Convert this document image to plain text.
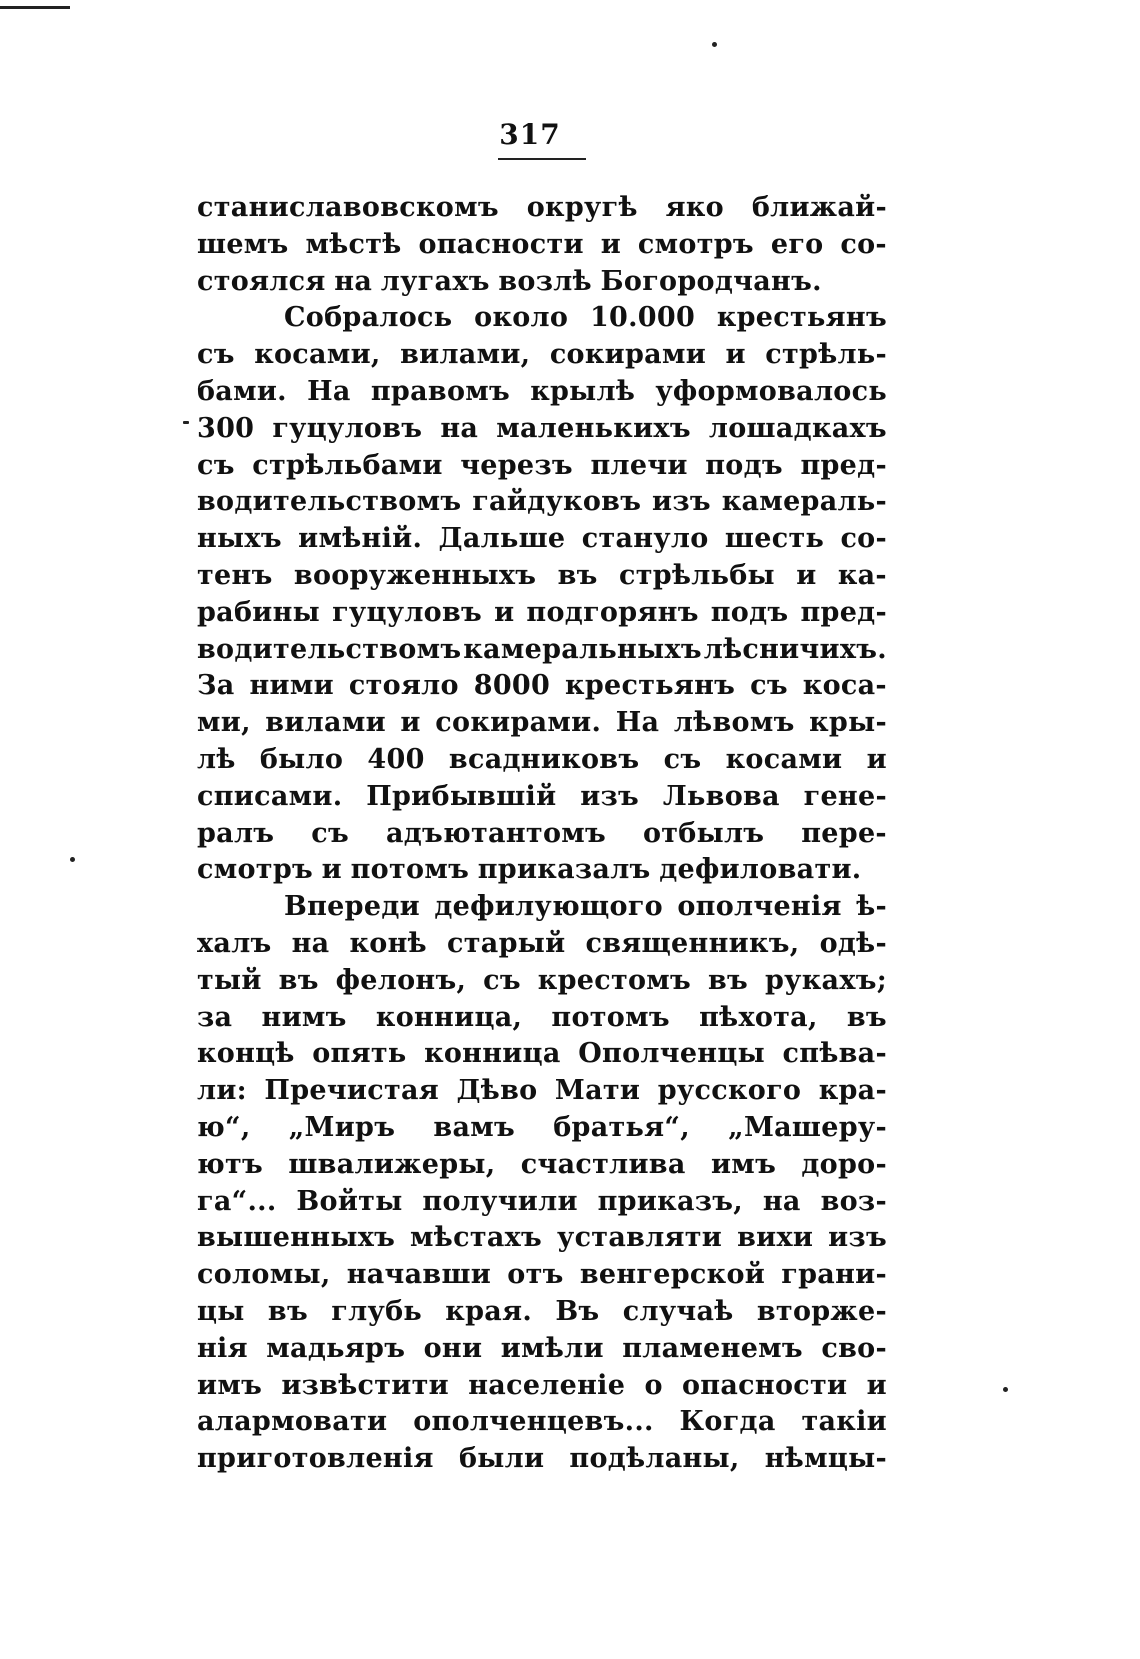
317
станиславовскомъ округѣ яко ближай-
шемъ мѣстѣ опасности и смотръ его со-
стоялся на лугахъ возлѣ Богородчанъ.
Собралось около 10.000 крестьянъ
съ косами, вилами, сокирами и стрѣль-
бами. На правомъ крылѣ уформовалось
300 гуцуловъ на маленькихъ лошадкахъ
съ стрѣльбами черезъ плечи подъ пред-
водительствомъ гайдуковъ изъ камераль-
ныхъ имѣній. Дальше стануло шесть со-
тенъ вооруженныхъ въ стрѣльбы и ка-
рабины гуцуловъ и подгорянъ подъ пред-
водительствомъ камеральныхъ лѣсничихъ.
За ними стояло 8000 крестьянъ съ коса-
ми, вилами и сокирами. На лѣвомъ кры-
лѣ было 400 всадниковъ съ косами и
списами. Прибывшій изъ Львова гене-
ралъ съ адъютантомъ отбылъ пере-
смотръ и потомъ приказалъ дефиловати.
Впереди дефилующого ополченія ѣ-
халъ на конѣ старый священникъ, одѣ-
тый въ фелонъ, съ крестомъ въ рукахъ;
за нимъ конница, потомъ пѣхота, въ
концѣ опять конница Ополченцы спѣва-
ли: Пречистая Дѣво Мати русского кра-
ю“, „Миръ вамъ братья“, „Машеру-
ютъ швалижеры, счастлива имъ доро-
га“... Войты получили приказъ, на воз-
вышенныхъ мѣстахъ уставляти вихи изъ
соломы, начавши отъ венгерской грани-
цы въ глубь края. Въ случаѣ вторже-
нія мадьяръ они имѣли пламенемъ сво-
имъ извѣстити населеніе о опасности и
алармовати ополченцевъ... Когда такіи
приготовленія были подѣланы, нѣмцы-
